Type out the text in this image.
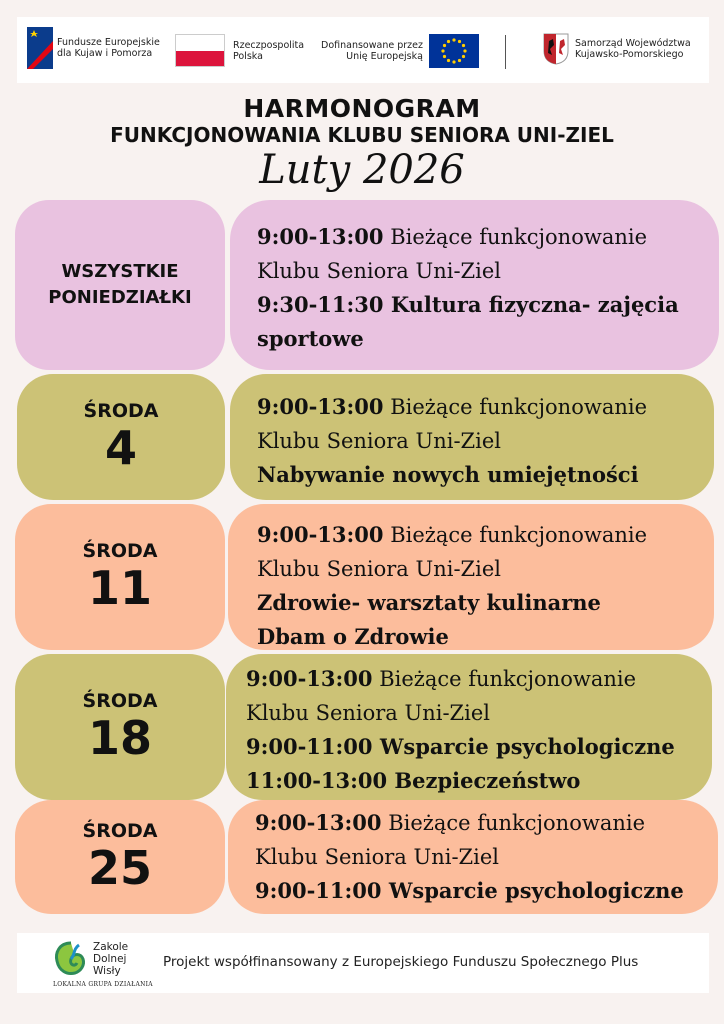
Fundusze Europejskie
dla Kujaw i Pomorza
Rzeczpospolita
Polska
Dofinansowane przez
Unię Europejską
Samorząd Województwa
Kujawsko-Pomorskiego
HARMONOGRAM
FUNKCJONOWANIA KLUBU SENIORA UNI-ZIEL
Luty 2026
WSZYSTKIE
PONIEDZIAŁKI
9:00-13:00 Bieżące funkcjonowanie
Klubu Seniora Uni-Ziel
9:30-11:30 Kultura fizyczna- zajęcia
sportowe
ŚRODA
4
9:00-13:00 Bieżące funkcjonowanie
Klubu Seniora Uni-Ziel
Nabywanie nowych umiejętności
ŚRODA
11
9:00-13:00 Bieżące funkcjonowanie
Klubu Seniora Uni-Ziel
Zdrowie- warsztaty kulinarne
Dbam o Zdrowie
ŚRODA
18
9:00-13:00 Bieżące funkcjonowanie
Klubu Seniora Uni-Ziel
9:00-11:00 Wsparcie psychologiczne
11:00-13:00 Bezpieczeństwo
ŚRODA
25
9:00-13:00 Bieżące funkcjonowanie
Klubu Seniora Uni-Ziel
9:00-11:00 Wsparcie psychologiczne
Zakole
Dolnej
Wisły
LOKALNA GRUPA DZIAŁANIA
Projekt współfinansowany z Europejskiego Funduszu Społecznego Plus
